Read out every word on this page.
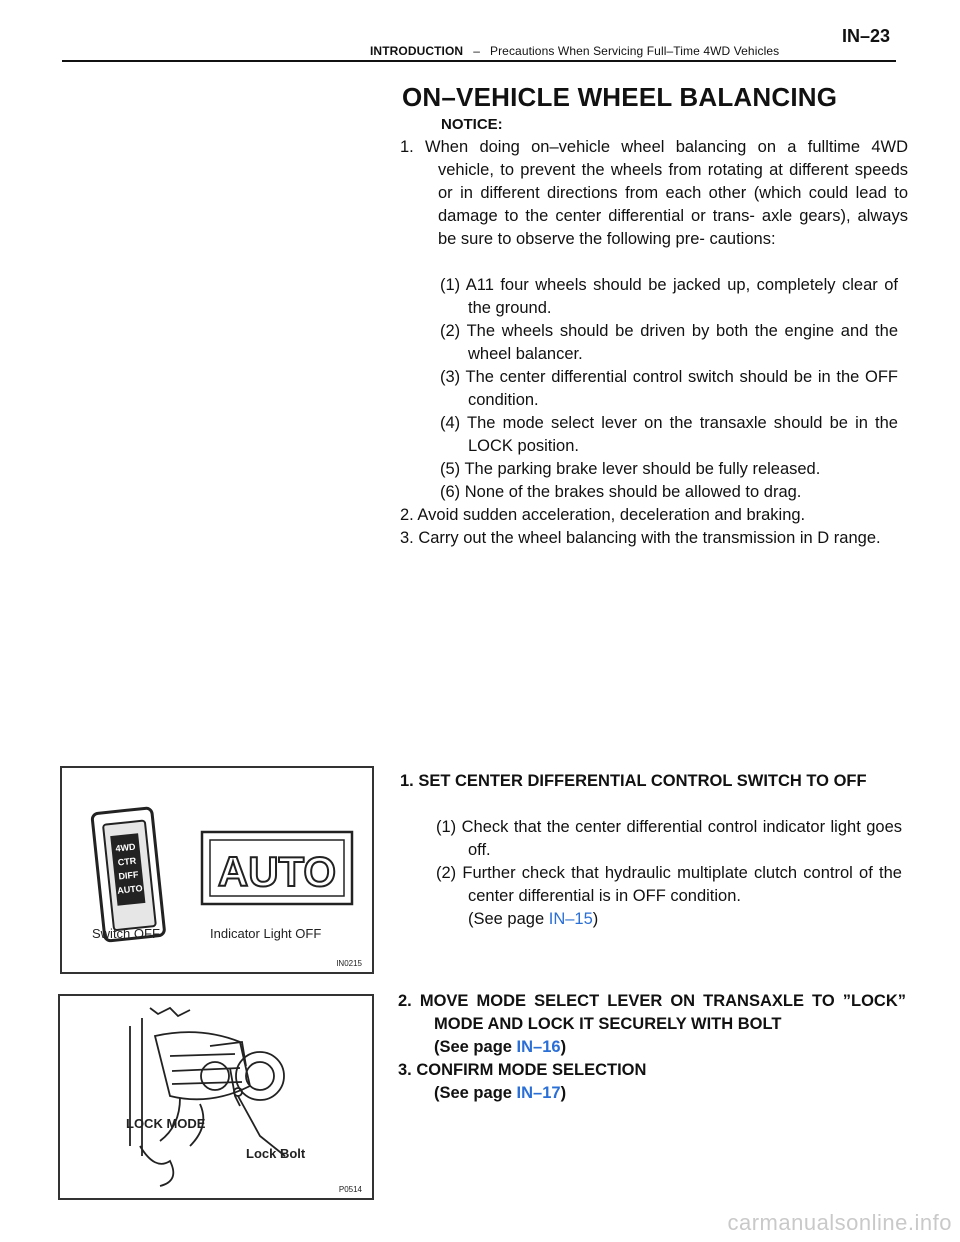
INTRODUCTION – Precautions When Servicing Full–Time 4WD Vehicles
IN–23
ON–VEHICLE WHEEL BALANCING
NOTICE:
1. When doing on–vehicle wheel balancing on a fulltime 4WD vehicle, to prevent the wheels from rotating at different speeds or in different directions from each other (which could lead to damage to the center differential or trans- axle gears), always be sure to observe the following pre- cautions:
(1) A11 four wheels should be jacked up, completely clear of the ground.
(2) The wheels should be driven by both the engine and the wheel balancer.
(3) The center differential control switch should be in the OFF condition.
(4) The mode select lever on the transaxle should be in the LOCK position.
(5) The parking brake lever should be fully released.
(6) None of the brakes should be allowed to drag.
2. Avoid sudden acceleration, deceleration and braking.
3. Carry out the wheel balancing with the transmission in D range.
1. SET CENTER DIFFERENTIAL CONTROL SWITCH TO OFF
(1) Check that the center differential control indicator light goes off.
(2) Further check that hydraulic multiplate clutch control of the center differential is in OFF condition.
(See page IN–15)
2. MOVE MODE SELECT LEVER ON TRANSAXLE TO ”LOCK” MODE AND LOCK IT SECURELY WITH BOLT
(See page IN–16)
3. CONFIRM MODE SELECTION
(See page IN–17)
4WD
CTR
DIFF
AUTO AUTO
Switch OFF	Indicator Light OFF
IN0215
LOCK MODE
Lock Bolt
P0514
carmanualsonline.info
